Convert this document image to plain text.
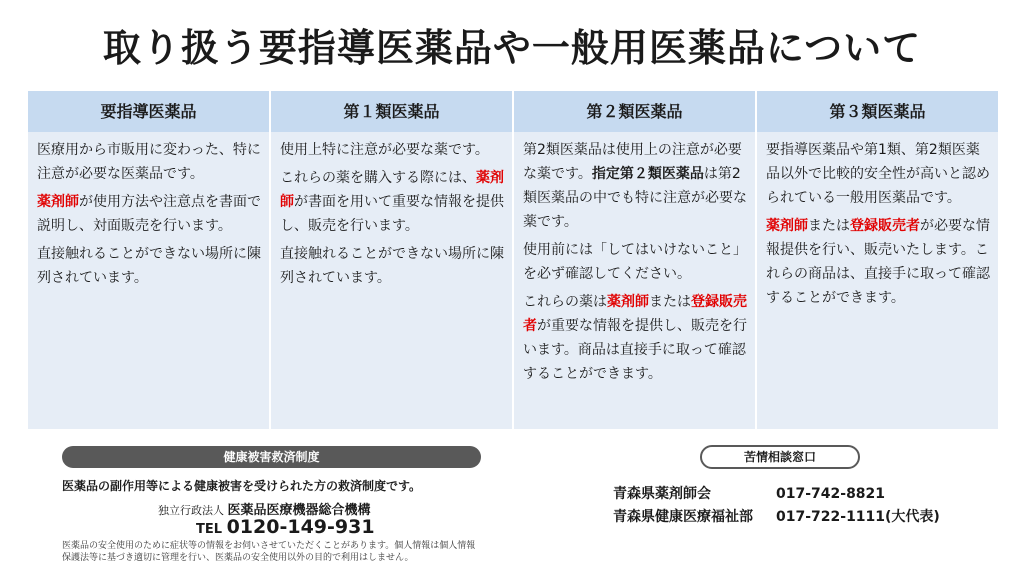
取り扱う要指導医薬品や一般用医薬品について
要指導医薬品

医療用から市販用に変わった、特に注意が必要な医薬品です。

薬剤師が使用方法や注意点を書面で説明し、対面販売を行います。

直接触れることができない場所に陳列されています。

第１類医薬品

使用上特に注意が必要な薬です。

これらの薬を購入する際には、薬剤師が書面を用いて重要な情報を提供し、販売を行います。

直接触れることができない場所に陳列されています。

第２類医薬品

第2類医薬品は使用上の注意が必要な薬です。指定第２類医薬品は第2類医薬品の中でも特に注意が必要な薬です。

使用前には「してはいけないこと」を必ず確認してください。

これらの薬は薬剤師または登録販売者が重要な情報を提供し、販売を行います。商品は直接手に取って確認することができます。

第３類医薬品

要指導医薬品や第1類、第2類医薬品以外で比較的安全性が高いと認められている一般用医薬品です。

薬剤師または登録販売者が必要な情報提供を行い、販売いたします。これらの商品は、直接手に取って確認することができます。

健康被害救済制度
医薬品の副作用等による健康被害を受けられた方の救済制度です。
独立行政法人 医薬品医療機器総合機構
TEL 0120-149-931
医薬品の安全使用のために症状等の情報をお伺いさせていただくことがあります。個人情報は個人情報保護法等に基づき適切に管理を行い、医薬品の安全使用以外の目的で利用はしません。
苦情相談窓口
青森県薬剤師会	017-742-8821
青森県健康医療福祉部 017-722-1111(大代表)
